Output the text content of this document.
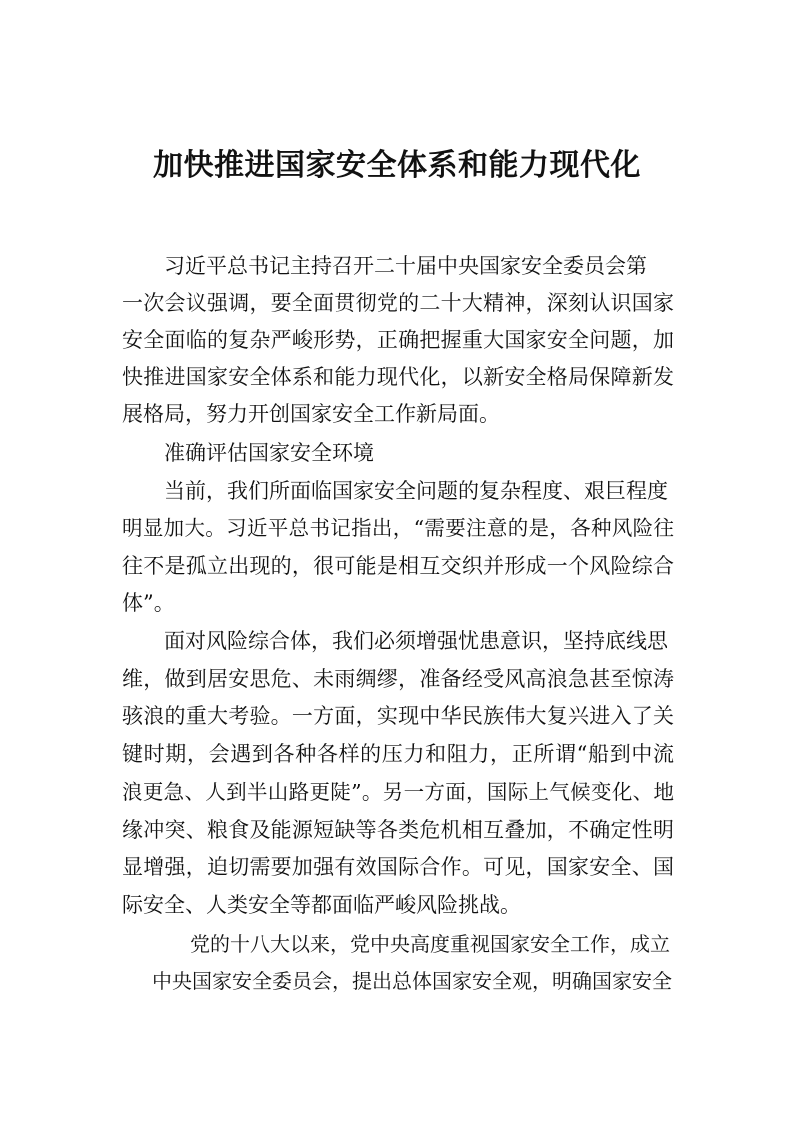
加快推进国家安全体系和能力现代化
习近平总书记主持召开二十届中央国家安全委员会第
一次会议强调，要全面贯彻党的二十大精神，深刻认识国家
安全面临的复杂严峻形势，正确把握重大国家安全问题，加
快推进国家安全体系和能力现代化，以新安全格局保障新发
展格局，努力开创国家安全工作新局面。
准确评估国家安全环境
当前，我们所面临国家安全问题的复杂程度、艰巨程度
明显加大。习近平总书记指出，“需要注意的是，各种风险往
往不是孤立出现的，很可能是相互交织并形成一个风险综合
体”。
面对风险综合体，我们必须增强忧患意识，坚持底线思
维，做到居安思危、未雨绸缪，准备经受风高浪急甚至惊涛
骇浪的重大考验。一方面，实现中华民族伟大复兴进入了关
键时期，会遇到各种各样的压力和阻力，正所谓“船到中流
浪更急、人到半山路更陡”。另一方面，国际上气候变化、地
缘冲突、粮食及能源短缺等各类危机相互叠加，不确定性明
显增强，迫切需要加强有效国际合作。可见，国家安全、国
际安全、人类安全等都面临严峻风险挑战。
党的十八大以来，党中央高度重视国家安全工作，成立
中央国家安全委员会，提出总体国家安全观，明确国家安全
